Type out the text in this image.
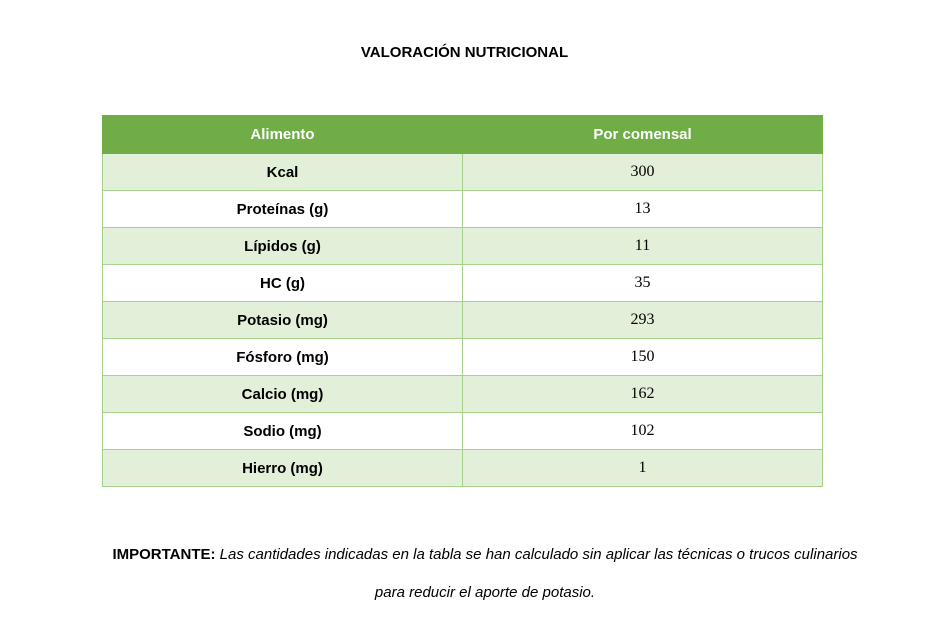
VALORACIÓN NUTRICIONAL
Alimento	Por comensal
Kcal	300
Proteínas (g)	13
Lípidos (g)	11
HC (g)	35
Potasio (mg)	293
Fósforo (mg)	150
Calcio (mg)	162
Sodio (mg)	102
Hierro (mg)	1
IMPORTANTE: Las cantidades indicadas en la tabla se han calculado sin aplicar las técnicas o trucos culinarios para reducir el aporte de potasio.
